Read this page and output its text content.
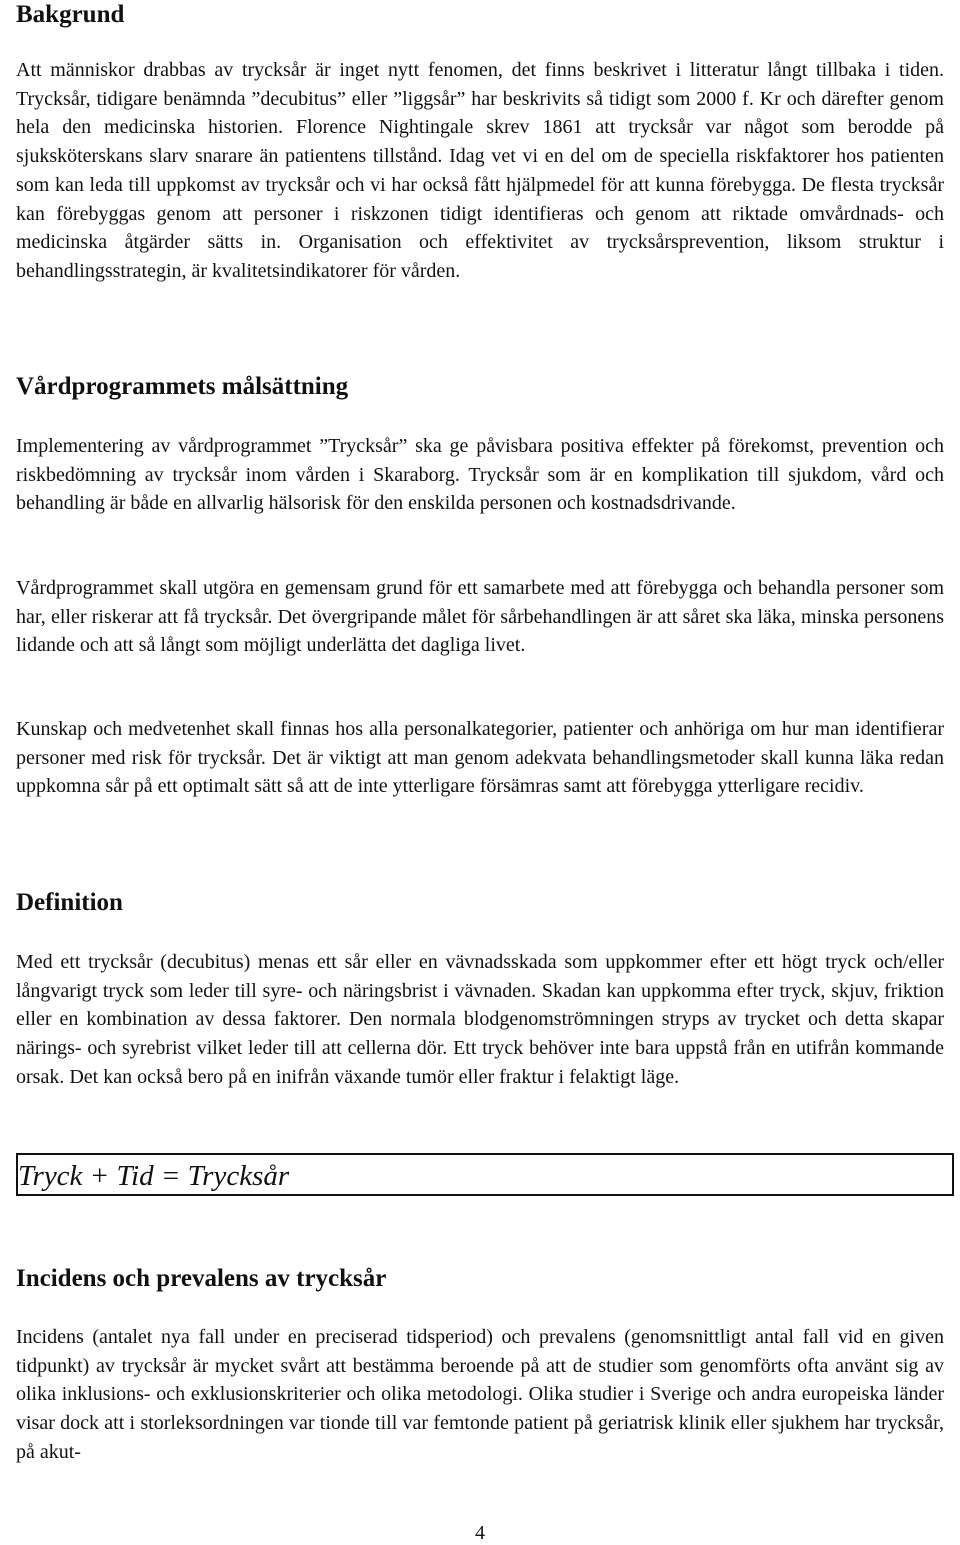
Bakgrund

Att människor drabbas av trycksår är inget nytt fenomen, det finns beskrivet i litteratur långt tillbaka i tiden. Trycksår, tidigare benämnda ”decubitus” eller ”liggsår” har beskrivits så tidigt som 2000 f. Kr och därefter genom hela den medicinska historien. Florence Nightingale skrev 1861 att trycksår var något som berodde på sjuksköterskans slarv snarare än patientens tillstånd. Idag vet vi en del om de speciella riskfaktorer hos patienten som kan leda till uppkomst av trycksår och vi har också fått hjälpmedel för att kunna förebygga. De flesta trycksår kan förebyggas genom att personer i riskzonen tidigt identifieras och genom att riktade omvårdnads- och medicinska åtgärder sätts in. Organisation och effektivitet av trycksårsprevention, liksom struktur i behandlingsstrategin, är kvalitetsindikatorer för vården.

Vårdprogrammets målsättning

Implementering av vårdprogrammet ”Trycksår” ska ge påvisbara positiva effekter på förekomst, prevention och riskbedömning av trycksår inom vården i Skaraborg. Trycksår som är en komplikation till sjukdom, vård och behandling är både en allvarlig hälsorisk för den enskilda personen och kostnadsdrivande.

Vårdprogrammet skall utgöra en gemensam grund för ett samarbete med att förebygga och behandla personer som har, eller riskerar att få trycksår. Det övergripande målet för sårbehandlingen är att såret ska läka, minska personens lidande och att så långt som möjligt underlätta det dagliga livet.

Kunskap och medvetenhet skall finnas hos alla personalkategorier, patienter och anhöriga om hur man identifierar personer med risk för trycksår. Det är viktigt att man genom adekvata behandlingsmetoder skall kunna läka redan uppkomna sår på ett optimalt sätt så att de inte ytterligare försämras samt att förebygga ytterligare recidiv.

Definition

Med ett trycksår (decubitus) menas ett sår eller en vävnadsskada som uppkommer efter ett högt tryck och/eller långvarigt tryck som leder till syre- och näringsbrist i vävnaden. Skadan kan uppkomma efter tryck, skjuv, friktion eller en kombination av dessa faktorer. Den normala blodgenomströmningen stryps av trycket och detta skapar närings- och syrebrist vilket leder till att cellerna dör. Ett tryck behöver inte bara uppstå från en utifrån kommande orsak. Det kan också bero på en inifrån växande tumör eller fraktur i felaktigt läge.

Tryck + Tid = Trycksår
Incidens och prevalens av trycksår

Incidens (antalet nya fall under en preciserad tidsperiod) och prevalens (genomsnittligt antal fall vid en given tidpunkt) av trycksår är mycket svårt att bestämma beroende på att de studier som genomförts ofta använt sig av olika inklusions- och exklusionskriterier och olika metodologi. Olika studier i Sverige och andra europeiska länder visar dock att i storleksordningen var tionde till var femtonde patient på geriatrisk klinik eller sjukhem har trycksår, på akut-

4
